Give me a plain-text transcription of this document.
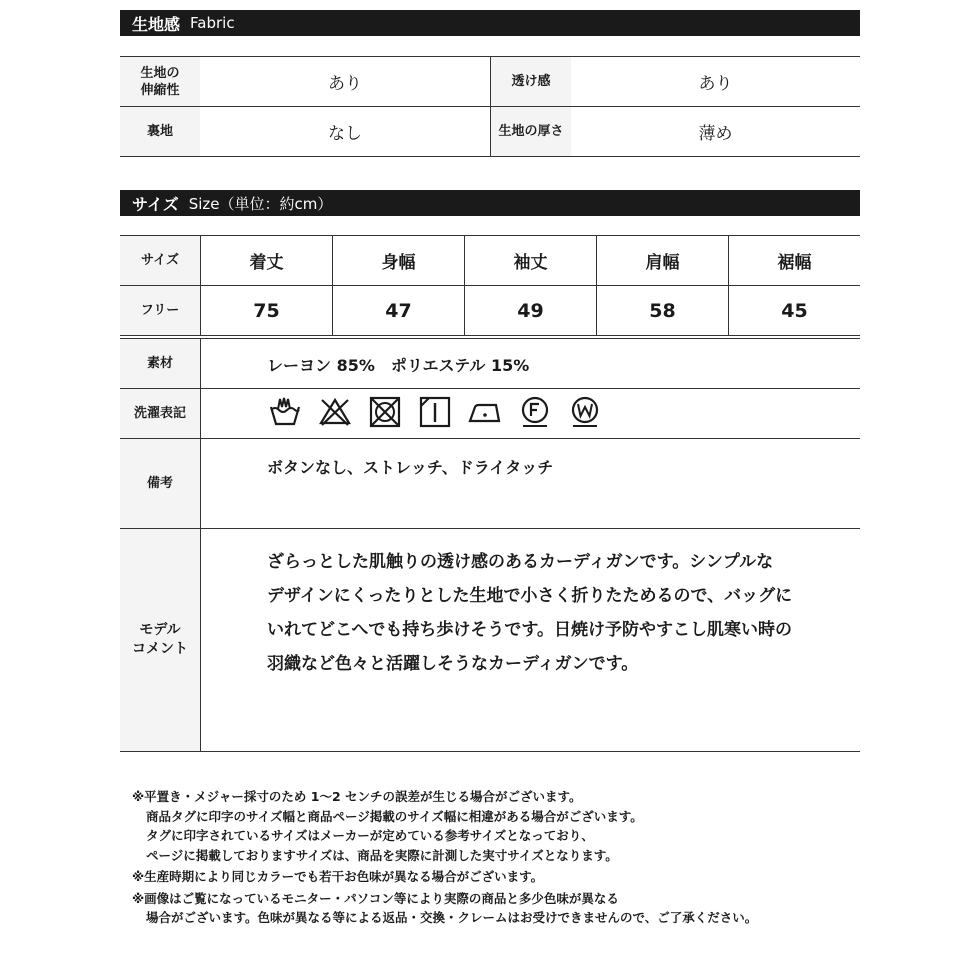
生地感 Fabric
生地の
伸縮性	あり	透け感	あり
裏地	なし	生地の厚さ	薄め
サイズ Size（単位：約cm）
サイズ	着丈	身幅	袖丈	肩幅	裾幅
フリー	75	47	49	58	45
素材	レーヨン 85%　ポリエステル 15%
洗濯表記
備考
ボタンなし、ストレッチ、ドライタッチ
モデル
コメント
ざらっとした肌触りの透け感のあるカーディガンです。シンプルな
デザインにくったりとした生地で小さく折りたためるので、バッグに
いれてどこへでも持ち歩けそうです。日焼け予防やすこし肌寒い時の
羽織など色々と活躍しそうなカーディガンです。
※平置き・メジャー採寸のため 1〜2 センチの誤差が生じる場合がございます。
商品タグに印字のサイズ幅と商品ページ掲載のサイズ幅に相違がある場合がございます。
タグに印字されているサイズはメーカーが定めている参考サイズとなっており、
ページに掲載しておりますサイズは、商品を実際に計測した実寸サイズとなります。
※生産時期により同じカラーでも若干お色味が異なる場合がございます。
※画像はご覧になっているモニター・パソコン等により実際の商品と多少色味が異なる
場合がございます。色味が異なる等による返品・交換・クレームはお受けできませんので、ご了承ください。
